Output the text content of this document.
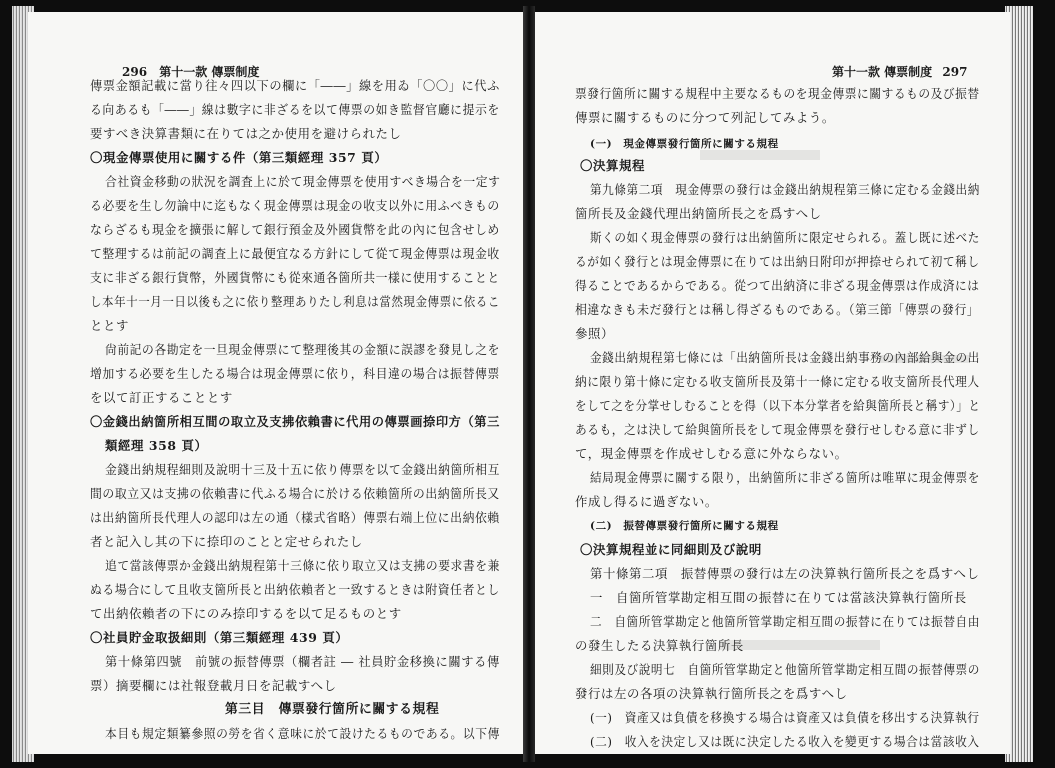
296 第十一款 傳票制度	第十一款 傳票制度 297
傳票金額記載に當り往々四以下の欄に「――」線を用ゐ「〇〇」に代ふ
る向あるも「――」線は數字に非ざるを以て傳票の如き監督官廳に提示を
要すべき決算書類に在りては之か使用を避けられたし
〇現金傳票使用に關する件（第三類經理 357 頁）
合社資金移動の狀況を調査上に於て現金傳票を使用すべき場合を一定す
る必要を生し勿論中に迄もなく現金傳票は現金の收支以外に用ふべきもの
ならざるも現金を擴張に解して銀行預金及外國貨幣を此の內に包含せしめ
て整理するは前記の調査上に最便宜なる方針にして從て現金傳票は現金收
支に非ざる銀行貨幣，外國貨幣にも從來通各箇所共一樣に使用することと
し本年十一月一日以後も之に依り整理ありたし利息は當然現金傳票に依るこ
ととす
尙前記の各勘定を一旦現金傳票にて整理後其の金額に誤謬を發見し之を
增加する必要を生したる場合は現金傳票に依り，科目違の場合は振替傳票
を以て訂正することとす
〇金錢出納箇所相互間の取立及支拂依賴書に代用の傳票画捺印方（第三
類經理 358 頁）
金錢出納規程細則及說明十三及十五に依り傳票を以て金錢出納箇所相互
間の取立又は支拂の依賴書に代ふる場合に於ける依賴箇所の出納箇所長又
は出納箇所長代理人の認印は左の通（樣式省略）傳票右端上位に出納依賴
者と記入し其の下に捺印のことと定せられたし
追て當該傳票か金錢出納規程第十三條に依り取立又は支拂の要求書を兼
ぬる場合にして且收支箇所長と出納依賴者と一致するときは附資任者とし
て出納依賴者の下にのみ捺印するを以て足るものとす
〇社員貯金取扱細則（第三類經理 439 頁）
第十條第四號　前號の振替傳票（欄者註 ― 社員貯金移換に關する傳
票）摘要欄には社報登載月日を記載すへし
第三目　傳票發行箇所に關する規程
本目も規定類纂參照の勞を省く意味に於て設けたるものである。以下傳
票發行箇所に關する規程中主要なるものを現金傳票に關するもの及び振替
傳票に關するものに分つて列記してみよう。
(一)　現金傳票發行箇所に關する規程
〇決算規程
第九條第二項　現金傳票の發行は金錢出納規程第三條に定むる金錢出納
箇所長及金錢代理出納箇所長之を爲すへし
斯くの如く現金傳票の發行は出納箇所に限定せられる。蓋し既に述べた
るが如く發行とは現金傳票に在りては出納日附印が押捺せられて初て稱し
得ることであるからである。從つて出納済に非ざる現金傳票は作成済には
相違なきも未だ發行とは稱し得ざるものである。（第三節「傳票の發行」
參照）
金錢出納規程第七條には「出納箇所長は金錢出納事務の內部給與金の出
納に限り第十條に定むる收支箇所長及第十一條に定むる收支箇所長代理人
をして之を分掌せしむることを得（以下本分掌者を給與箇所長と稱す）」と
あるも，之は決して給與箇所長をして現金傳票を發行せしむる意に非ずし
て，現金傳票を作成せしむる意に外ならない。
結局現金傳票に關する限り，出納箇所に非ざる箇所は唯單に現金傳票を
作成し得るに過ぎない。
(二)　振替傳票發行箇所に關する規程
〇決算規程並に同細則及び說明
第十條第二項　振替傳票の發行は左の決算執行箇所長之を爲すへし
一　自箇所管掌勘定相互間の振替に在りては當該決算執行箇所長
二　自箇所管掌勘定と他箇所管掌勘定相互間の振替に在りては振替自由
の發生したる決算執行箇所長
細則及び說明七　自箇所管掌勘定と他箇所管掌勘定相互間の振替傳票の
發行は左の各項の決算執行箇所長之を爲すへし
(一)　資產又は負債を移換する場合は資產又は負債を移出する決算執行
(二)　收入を決定し又は既に決定したる收入を變更する場合は當該收入
